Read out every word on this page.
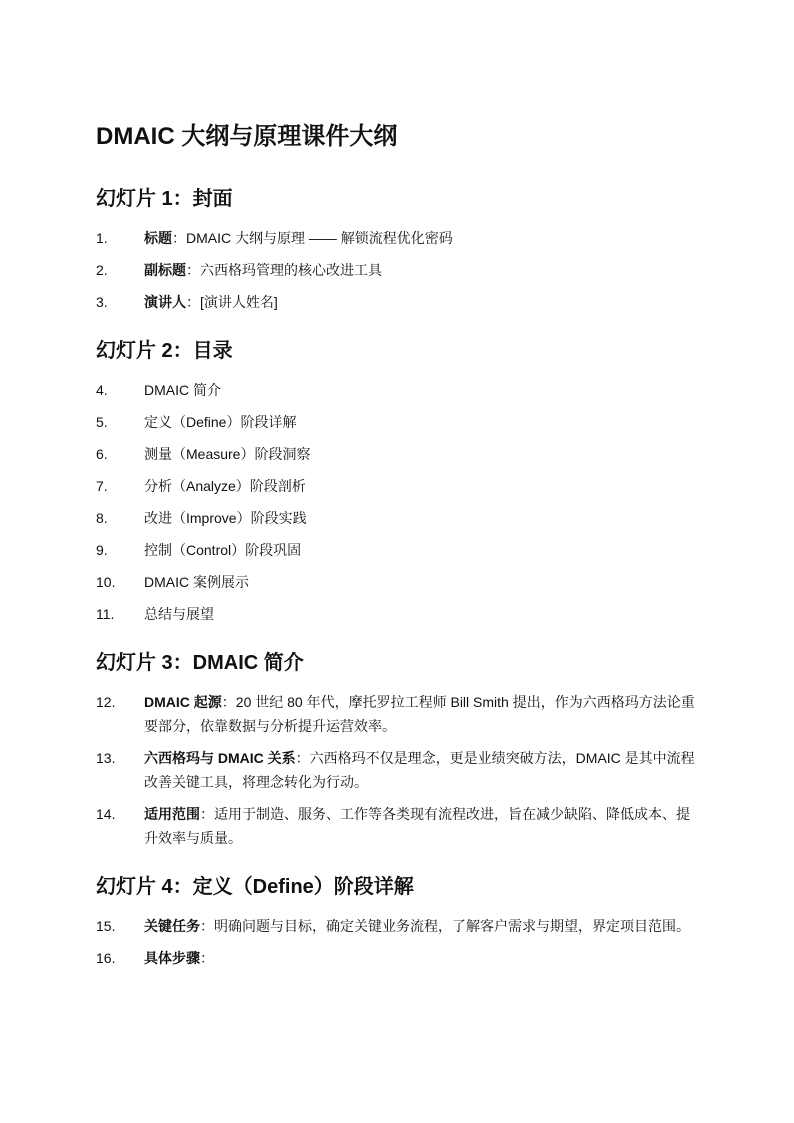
DMAIC 大纲与原理课件大纲
幻灯片 1：封面
1.	标题：DMAIC 大纲与原理 —— 解锁流程优化密码
2.	副标题：六西格玛管理的核心改进工具
3.	演讲人：[演讲人姓名]
幻灯片 2：目录
4.	DMAIC 简介
5.	定义（Define）阶段详解
6.	测量（Measure）阶段洞察
7.	分析（Analyze）阶段剖析
8.	改进（Improve）阶段实践
9.	控制（Control）阶段巩固
10.	DMAIC 案例展示
11.	总结与展望
幻灯片 3：DMAIC 简介
12.	DMAIC 起源：20 世纪 80 年代，摩托罗拉工程师 Bill Smith 提出，作为六西格玛方法论重要部分，依靠数据与分析提升运营效率。
13.	六西格玛与 DMAIC 关系：六西格玛不仅是理念，更是业绩突破方法，DMAIC 是其中流程改善关键工具，将理念转化为行动。
14.	适用范围：适用于制造、服务、工作等各类现有流程改进，旨在减少缺陷、降低成本、提升效率与质量。
幻灯片 4：定义（Define）阶段详解
15.	关键任务：明确问题与目标，确定关键业务流程，了解客户需求与期望，界定项目范围。
16.	具体步骤：
